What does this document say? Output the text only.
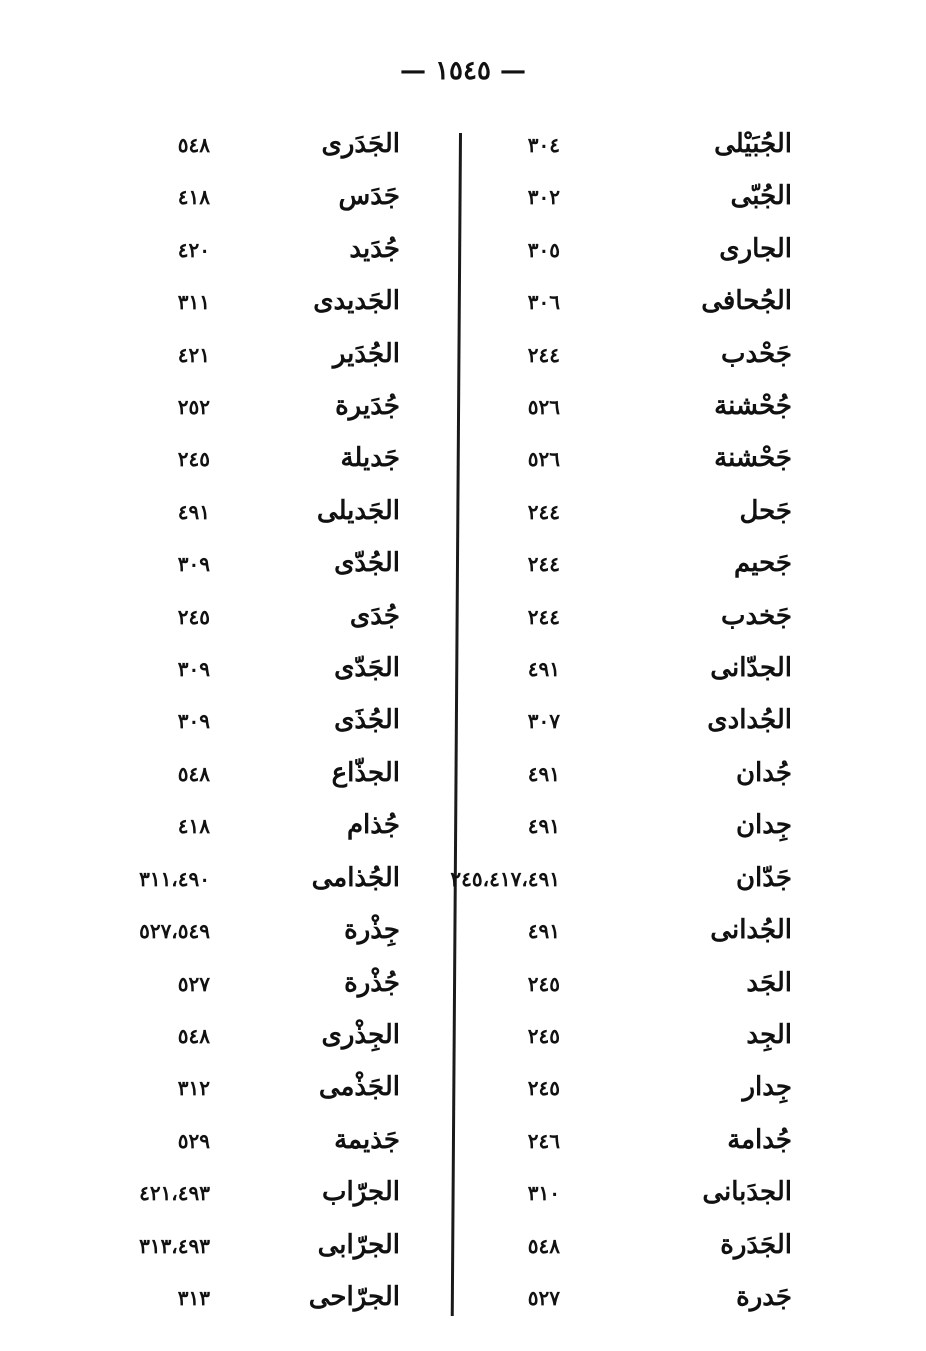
— ١٥٤٥ —
الجُبَيْلى
٣٠٤
الجُبّى
٣٠٢
الجارى
٣٠٥
الجُحافى
٣٠٦
جَحْدب
٢٤٤
جُحْشنة
٥٢٦
جَحْشنة
٥٢٦
جَحل
٢٤٤
جَحيم
٢٤٤
جَخدب
٢٤٤
الجدّانى
٤٩١
الجُدادى
٣٠٧
جُدان
٤٩١
جِدان
٤٩١
جَدّان
٢٤٥،٤١٧،٤٩١
الجُدانى
٤٩١
الجَد
٢٤٥
الجِد
٢٤٥
جِدار
٢٤٥
جُدامة
٢٤٦
الجدَبانى
٣١٠
الجَدَرة
٥٤٨
جَدرة
٥٢٧
الجَدَرى
٥٤٨
جَدَس
٤١٨
جُدَيد
٤٢٠
الجَديدى
٣١١
الجُدَير
٤٢١
جُدَيرة
٢٥٢
جَديلة
٢٤٥
الجَديلى
٤٩١
الجُدّى
٣٠٩
جُدَى
٢٤٥
الجَدّى
٣٠٩
الجُذَى
٣٠٩
الجذّاع
٥٤٨
جُذام
٤١٨
الجُذامى
٣١١،٤٩٠
جِذْرة
٥٢٧،٥٤٩
جُذْرة
٥٢٧
الجِذْرى
٥٤٨
الجَذْمى
٣١٢
جَذيمة
٥٢٩
الجرّاب
٤٢١،٤٩٣
الجرّابى
٣١٣،٤٩٣
الجرّاحى
٣١٣
